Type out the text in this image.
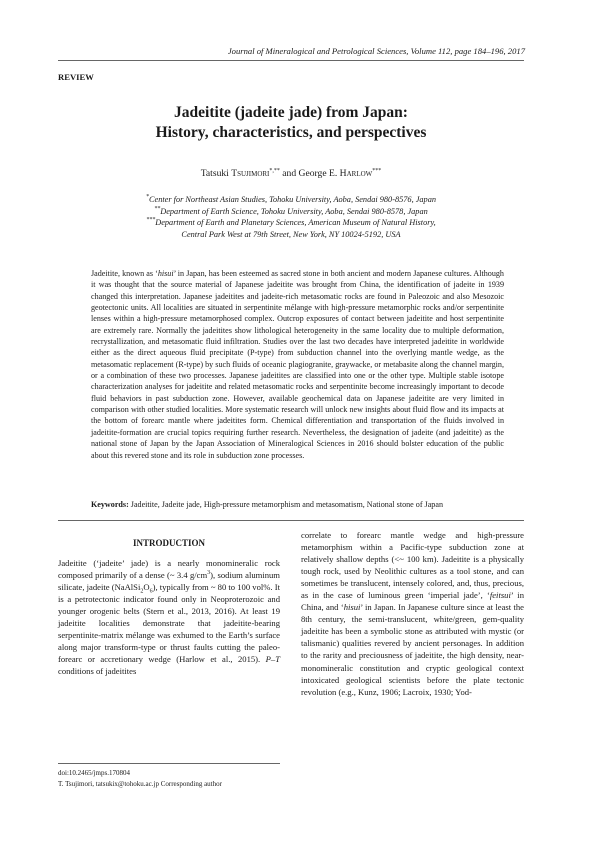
Journal of Mineralogical and Petrological Sciences, Volume 112, page 184–196, 2017
REVIEW
Jadeitite (jadeite jade) from Japan:
History, characteristics, and perspectives
Tatsuki Tsujimori*,** and George E. Harlow***
*Center for Northeast Asian Studies, Tohoku University, Aoba, Sendai 980-8576, Japan
**Department of Earth Science, Tohoku University, Aoba, Sendai 980-8578, Japan
***Department of Earth and Planetary Sciences, American Museum of Natural History,
Central Park West at 79th Street, New York, NY 10024-5192, USA
Jadeitite, known as ‘hisui’ in Japan, has been esteemed as sacred stone in both ancient and modern Japanese cultures. Although it was thought that the source material of Japanese jadeitite was brought from China, the identification of jadeite in 1939 changed this interpretation. Japanese jadeitites and jadeite-rich metasomatic rocks are found in Paleozoic and also Mesozoic geotectonic units. All localities are situated in serpentinite mélange with high-pressure metamorphic rocks and/or serpentinite lenses within a high-pressure metamorphosed complex. Outcrop exposures of contact between jadeitite and host serpentinite are extremely rare. Normally the jadeitites show lithological heterogeneity in the same locality due to multiple deformation, recrystallization, and metasomatic fluid infiltration. Studies over the last two decades have interpreted jadeitite in worldwide either as the direct aqueous fluid precipitate (P-type) from subduction channel into the overlying mantle wedge, as the metasomatic replacement (R-type) by such fluids of oceanic plagiogranite, graywacke, or metabasite along the channel margin, or a combination of these two processes. Japanese jadeitites are classified into one or the other type. Multiple stable isotope characterization analyses for jadeitite and related metasomatic rocks and serpentinite become increasingly important to decode fluid behaviors in past subduction zone. However, available geochemical data on Japanese jadeitite are very limited in comparison with other studied localities. More systematic research will unlock new insights about fluid flow and its impacts at the bottom of forearc mantle where jadeitites form. Chemical differentiation and transportation of the fluids involved in jadeitite-formation are crucial topics requiring further research. Nevertheless, the designation of jadeite (and jadeitite) as the national stone of Japan by the Japan Association of Mineralogical Sciences in 2016 should bolster education of the public about this revered stone and its role in subduction zone processes.
Keywords: Jadeitite, Jadeite jade, High-pressure metamorphism and metasomatism, National stone of Japan
INTRODUCTION
Jadeitite (‘jadeite’ jade) is a nearly monomineralic rock composed primarily of a dense (~ 3.4 $g/cm^3$), sodium aluminum silicate, jadeite $(NaAlSi_2O_6)$, typically from ~ 80 to 100 vol%. It is a petrotectonic indicator found only in Neoproterozoic and younger orogenic belts (Stern et al., 2013, 2016). At least 19 jadeitite localities demonstrate that jadeitite-bearing serpentinite-matrix mélange was exhumed to the Earth’s surface along major transform-type or thrust faults cutting the paleo-forearc or accretionary wedge (Harlow et al., 2015). P–T conditions of jadeitites
correlate to forearc mantle wedge and high-pressure metamorphism within a Pacific-type subduction zone at relatively shallow depths (<~ 100 km). Jadeitite is a physically tough rock, used by Neolithic cultures as a tool stone, and can sometimes be translucent, intensely colored, and, thus, precious, as in the case of luminous green ‘imperial jade’, ‘feitsui’ in China, and ‘hisui’ in Japan. In Japanese culture since at least the 8th century, the semi-translucent, white/green, gem-quality jadeitite has been a symbolic stone as attributed with mystic (or talismanic) qualities revered by ancient personages. In addition to the rarity and preciousness of jadeitite, the high density, near-monomineralic constitution and cryptic geological context intoxicated geological scientists before the plate tectonic revolution (e.g., Kunz, 1906; Lacroix, 1930; Yod-
doi:10.2465/jmps.170804
T. Tsujimori, tatsukix@tohoku.ac.jp Corresponding author
